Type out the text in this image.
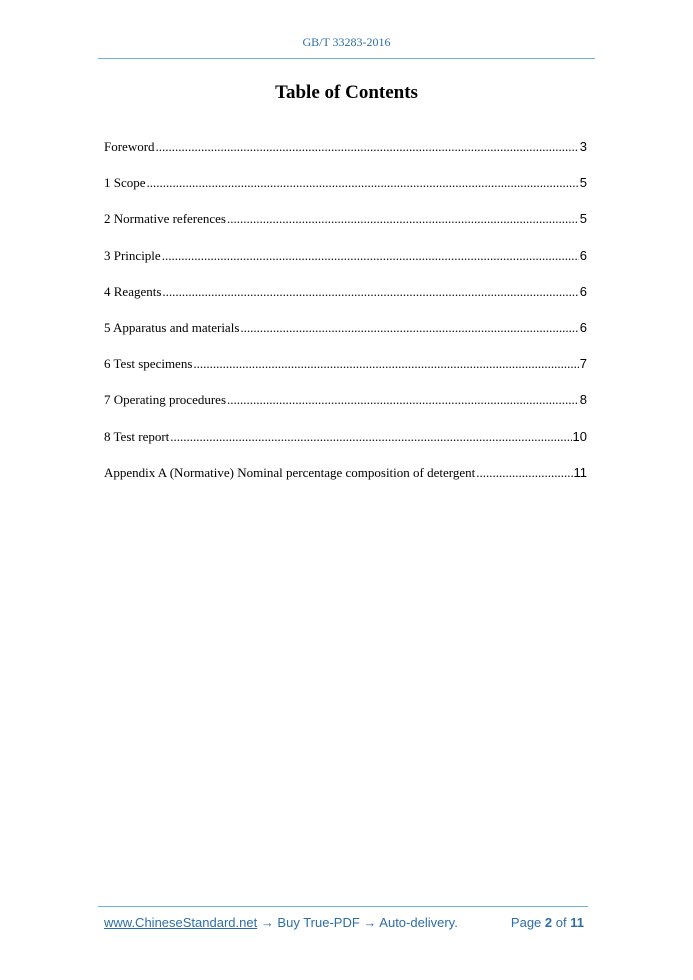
GB/T 33283-2016
Table of Contents
Foreword .....	3
1 Scope .....	5
2 Normative references .....	5
3 Principle .....	6
4 Reagents .....	6
5 Apparatus and materials .....	6
6 Test specimens .....	7
7 Operating procedures .....	8
8 Test report .....	10
Appendix A (Normative) Nominal percentage composition of detergent .....	11
www.ChineseStandard.net → Buy True-PDF → Auto-delivery.	Page 2 of 11
